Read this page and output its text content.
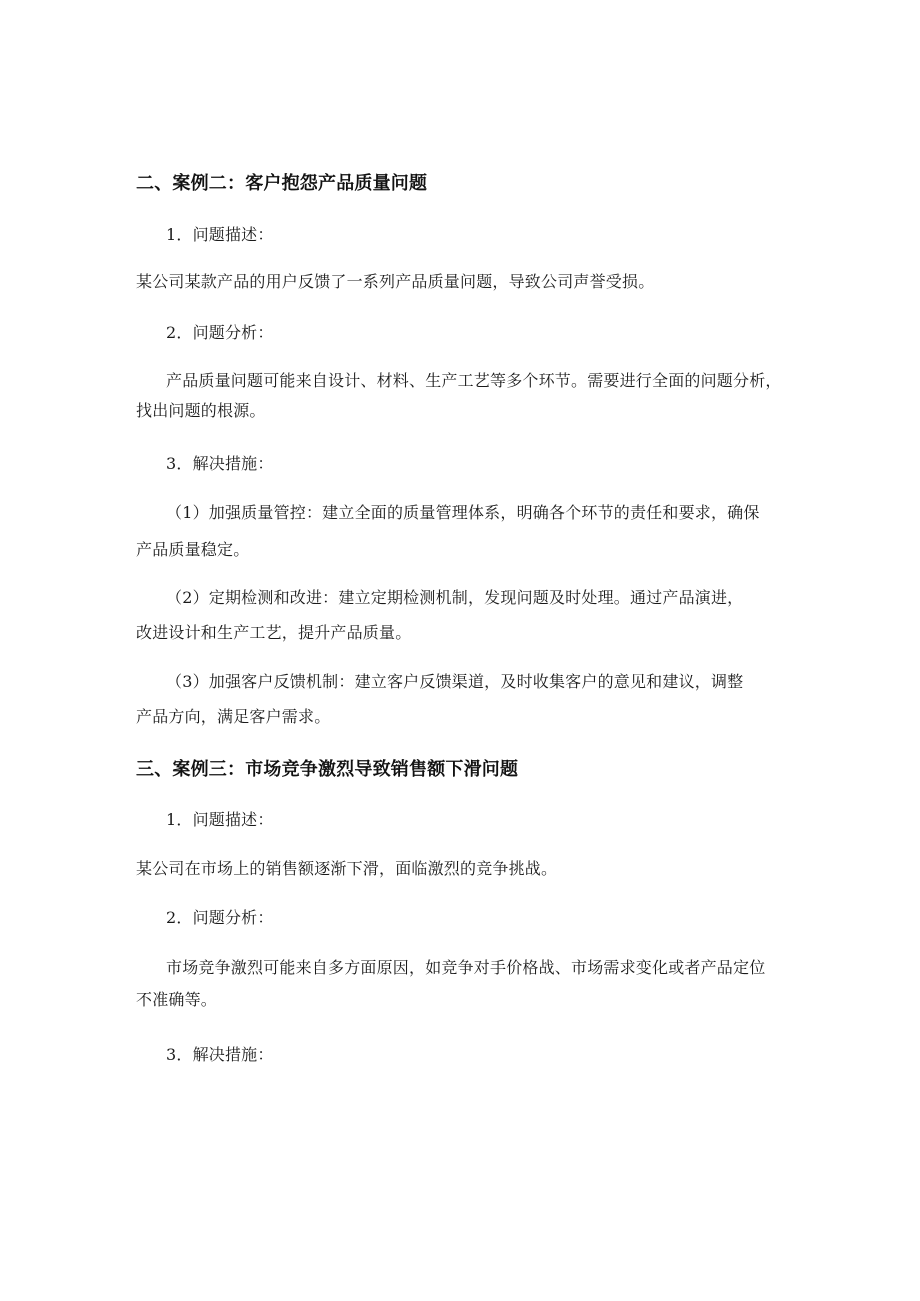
二、案例二：客户抱怨产品质量问题
1．问题描述：
某公司某款产品的用户反馈了一系列产品质量问题，导致公司声誉受损。
2．问题分析：
产品质量问题可能来自设计、材料、生产工艺等多个环节。需要进行全面的问题分析，
找出问题的根源。
3．解决措施：
（1）加强质量管控：建立全面的质量管理体系，明确各个环节的责任和要求，确保
产品质量稳定。
（2）定期检测和改进：建立定期检测机制，发现问题及时处理。通过产品演进，
改进设计和生产工艺，提升产品质量。
（3）加强客户反馈机制：建立客户反馈渠道，及时收集客户的意见和建议，调整
产品方向，满足客户需求。
三、案例三：市场竞争激烈导致销售额下滑问题
1．问题描述：
某公司在市场上的销售额逐渐下滑，面临激烈的竞争挑战。
2．问题分析：
市场竞争激烈可能来自多方面原因，如竞争对手价格战、市场需求变化或者产品定位
不准确等。
3．解决措施：
